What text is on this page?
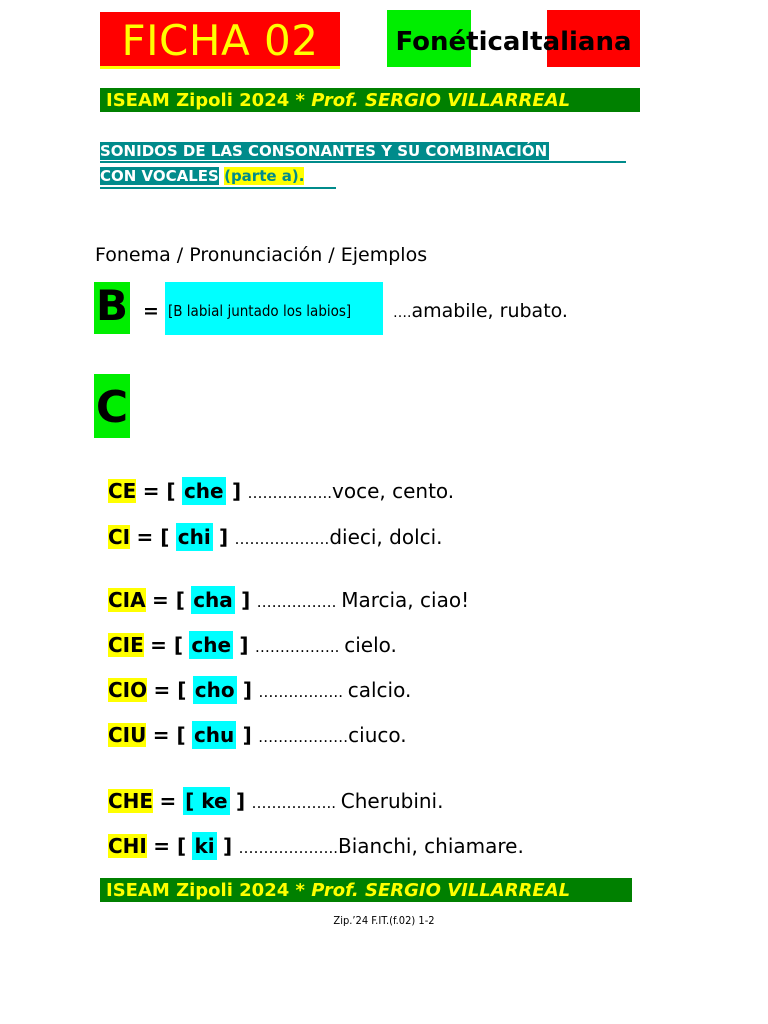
FICHA 02	FonéticaItaliana
ISEAM Zipoli 2024 * Prof. SERGIO VILLARREAL
SONIDOS DE LAS CONSONANTES Y SU COMBINACIÓN
CON VOCALES (parte a).
Fonema / Pronunciación / Ejemplos
B = [B labial juntado los labios]	….amabile, rubato.
C
CE = [ che ] ……………..voce, cento.
CI = [ chi ] ……………….dieci, dolci.
CIA = [ cha ] ……………. Marcia, ciao!
CIE = [ che ] …………….. cielo.
CIO = [ cho ] …………….. calcio.
CIU = [ chu ] ………………ciuco.
CHE = [ ke ] …………….. Cherubini.
CHI = [ ki ] ………………..Bianchi, chiamare.
ISEAM Zipoli 2024 * Prof. SERGIO VILLARREAL
Zip.’24 F.IT.(f.02) 1-2
